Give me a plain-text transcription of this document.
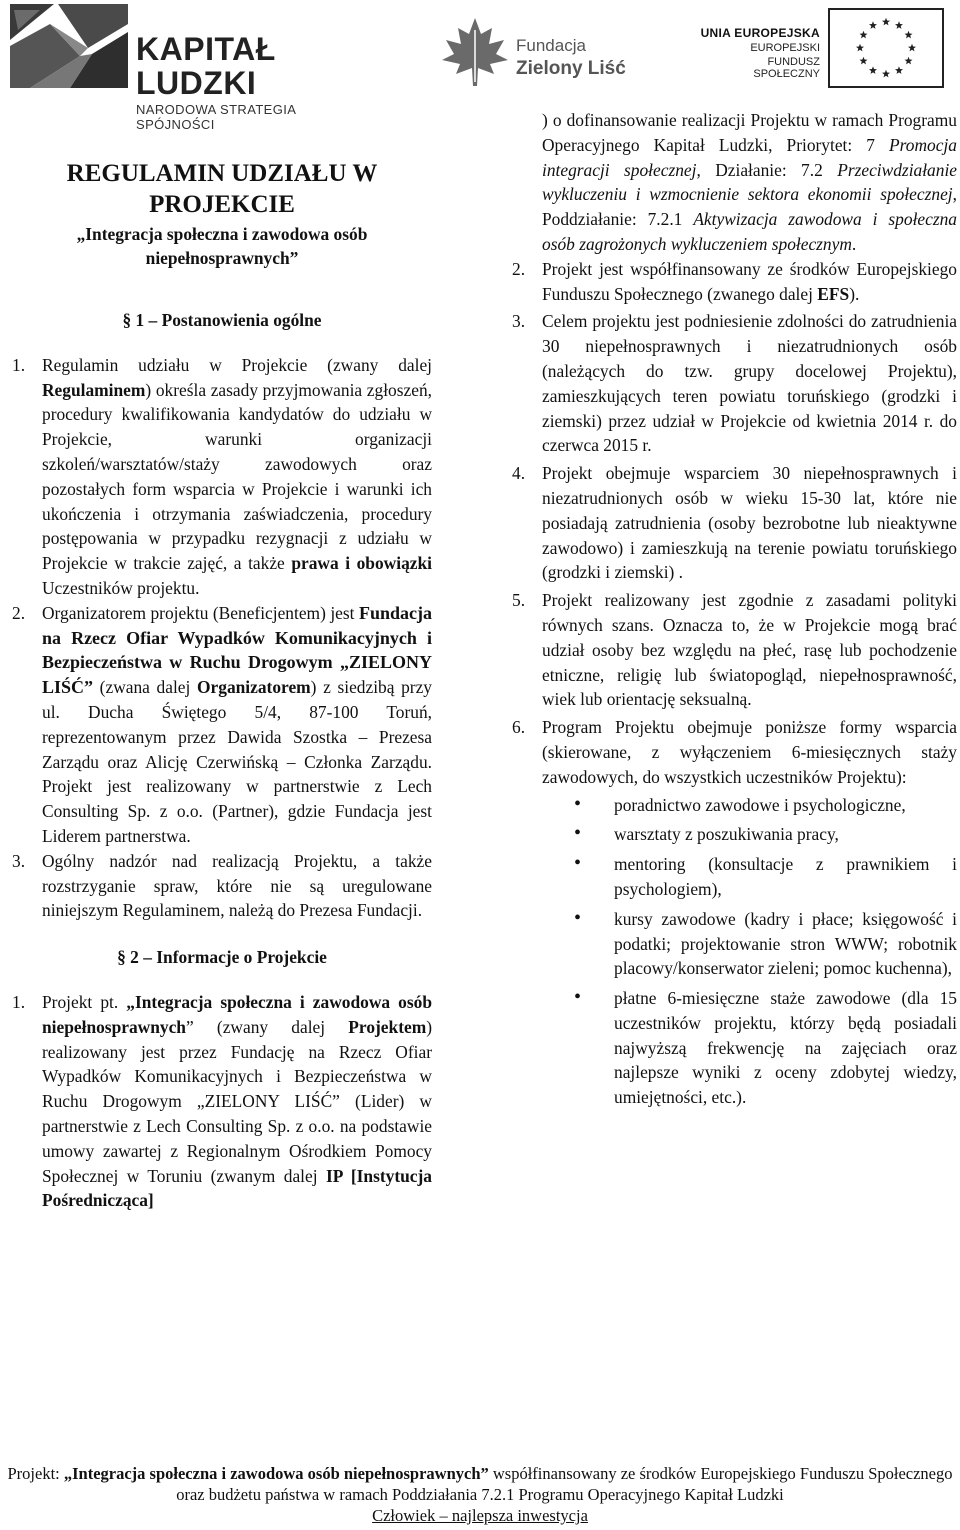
KAPITAŁ LUDZKI
NARODOWA STRATEGIA SPÓJNOŚCI
Fundacja
Zielony Liść
UNIA EUROPEJSKA
EUROPEJSKI
FUNDUSZ SPOŁECZNY
REGULAMIN UDZIAŁU W PROJEKCIE
„Integracja społeczna i zawodowa osób niepełnosprawnych”

§ 1 – Postanowienia ogólne

1. Regulamin udziału w Projekcie (zwany dalej Regulaminem) określa zasady przyjmowania zgłoszeń, procedury kwalifikowania kandydatów do udziału w Projekcie, warunki organizacji szkoleń/warsztatów/staży zawodowych oraz pozostałych form wsparcia w Projekcie i warunki ich ukończenia i otrzymania zaświadczenia, procedury postępowania w przypadku rezygnacji z udziału w Projekcie w trakcie zajęć, a także prawa i obowiązki Uczestników projektu.
2. Organizatorem projektu (Beneficjentem) jest Fundacja na Rzecz Ofiar Wypadków Komunikacyjnych i Bezpieczeństwa w Ruchu Drogowym „ZIELONY LIŚĆ” (zwana dalej Organizatorem) z siedzibą przy ul. Ducha Świętego 5/4, 87-100 Toruń, reprezentowanym przez Dawida Szostka – Prezesa Zarządu oraz Alicję Czerwińską – Członka Zarządu. Projekt jest realizowany w partnerstwie z Lech Consulting Sp. z o.o. (Partner), gdzie Fundacja jest Liderem partnerstwa.
3. Ogólny nadzór nad realizacją Projektu, a także rozstrzyganie spraw, które nie są uregulowane niniejszym Regulaminem, należą do Prezesa Fundacji.

§ 2 – Informacje o Projekcie

1. Projekt pt. „Integracja społeczna i zawodowa osób niepełnosprawnych” (zwany dalej Projektem) realizowany jest przez Fundację na Rzecz Ofiar Wypadków Komunikacyjnych i Bezpieczeństwa w Ruchu Drogowym „ZIELONY LIŚĆ” (Lider) w partnerstwie z Lech Consulting Sp. z o.o. na podstawie umowy zawartej z Regionalnym Ośrodkiem Pomocy Społecznej w Toruniu (zwanym dalej IP [Instytucja Pośrednicząca]
) o dofinansowanie realizacji Projektu w ramach Programu Operacyjnego Kapitał Ludzki, Priorytet: 7 Promocja integracji społecznej, Działanie: 7.2 Przeciwdziałanie wykluczeniu i wzmocnienie sektora ekonomii społecznej, Poddziałanie: 7.2.1 Aktywizacja zawodowa i społeczna osób zagrożonych wykluczeniem społecznym.
2. Projekt jest współfinansowany ze środków Europejskiego Funduszu Społecznego (zwanego dalej EFS).
3. Celem projektu jest podniesienie zdolności do zatrudnienia 30 niepełnosprawnych i niezatrudnionych osób (należących do tzw. grupy docelowej Projektu), zamieszkujących teren powiatu toruńskiego (grodzki i ziemski) przez udział w Projekcie od kwietnia 2014 r. do czerwca 2015 r.
4. Projekt obejmuje wsparciem 30 niepełnosprawnych i niezatrudnionych osób w wieku 15-30 lat, które nie posiadają zatrudnienia (osoby bezrobotne lub nieaktywne zawodowo) i zamieszkują na terenie powiatu toruńskiego (grodzki i ziemski) .
5. Projekt realizowany jest zgodnie z zasadami polityki równych szans. Oznacza to, że w Projekcie mogą brać udział osoby bez względu na płeć, rasę lub pochodzenie etniczne, religię lub światopogląd, niepełnosprawność, wiek lub orientację seksualną.
6. Program Projektu obejmuje poniższe formy wsparcia (skierowane, z wyłączeniem 6-miesięcznych staży zawodowych, do wszystkich uczestników Projektu):
• poradnictwo zawodowe i psychologiczne,
• warsztaty z poszukiwania pracy,
• mentoring (konsultacje z prawnikiem i psychologiem),
• kursy zawodowe (kadry i płace; księgowość i podatki; projektowanie stron WWW; robotnik placowy/konserwator zieleni; pomoc kuchenna),
• płatne 6-miesięczne staże zawodowe (dla 15 uczestników projektu, którzy będą posiadali najwyższą frekwencję na zajęciach oraz najlepsze wyniki z oceny zdobytej wiedzy, umiejętności, etc.).
Projekt: „Integracja społeczna i zawodowa osób niepełnosprawnych” współfinansowany ze środków Europejskiego Funduszu Społecznego oraz budżetu państwa w ramach Poddziałania 7.2.1 Programu Operacyjnego Kapitał Ludzki
Człowiek – najlepsza inwestycja
